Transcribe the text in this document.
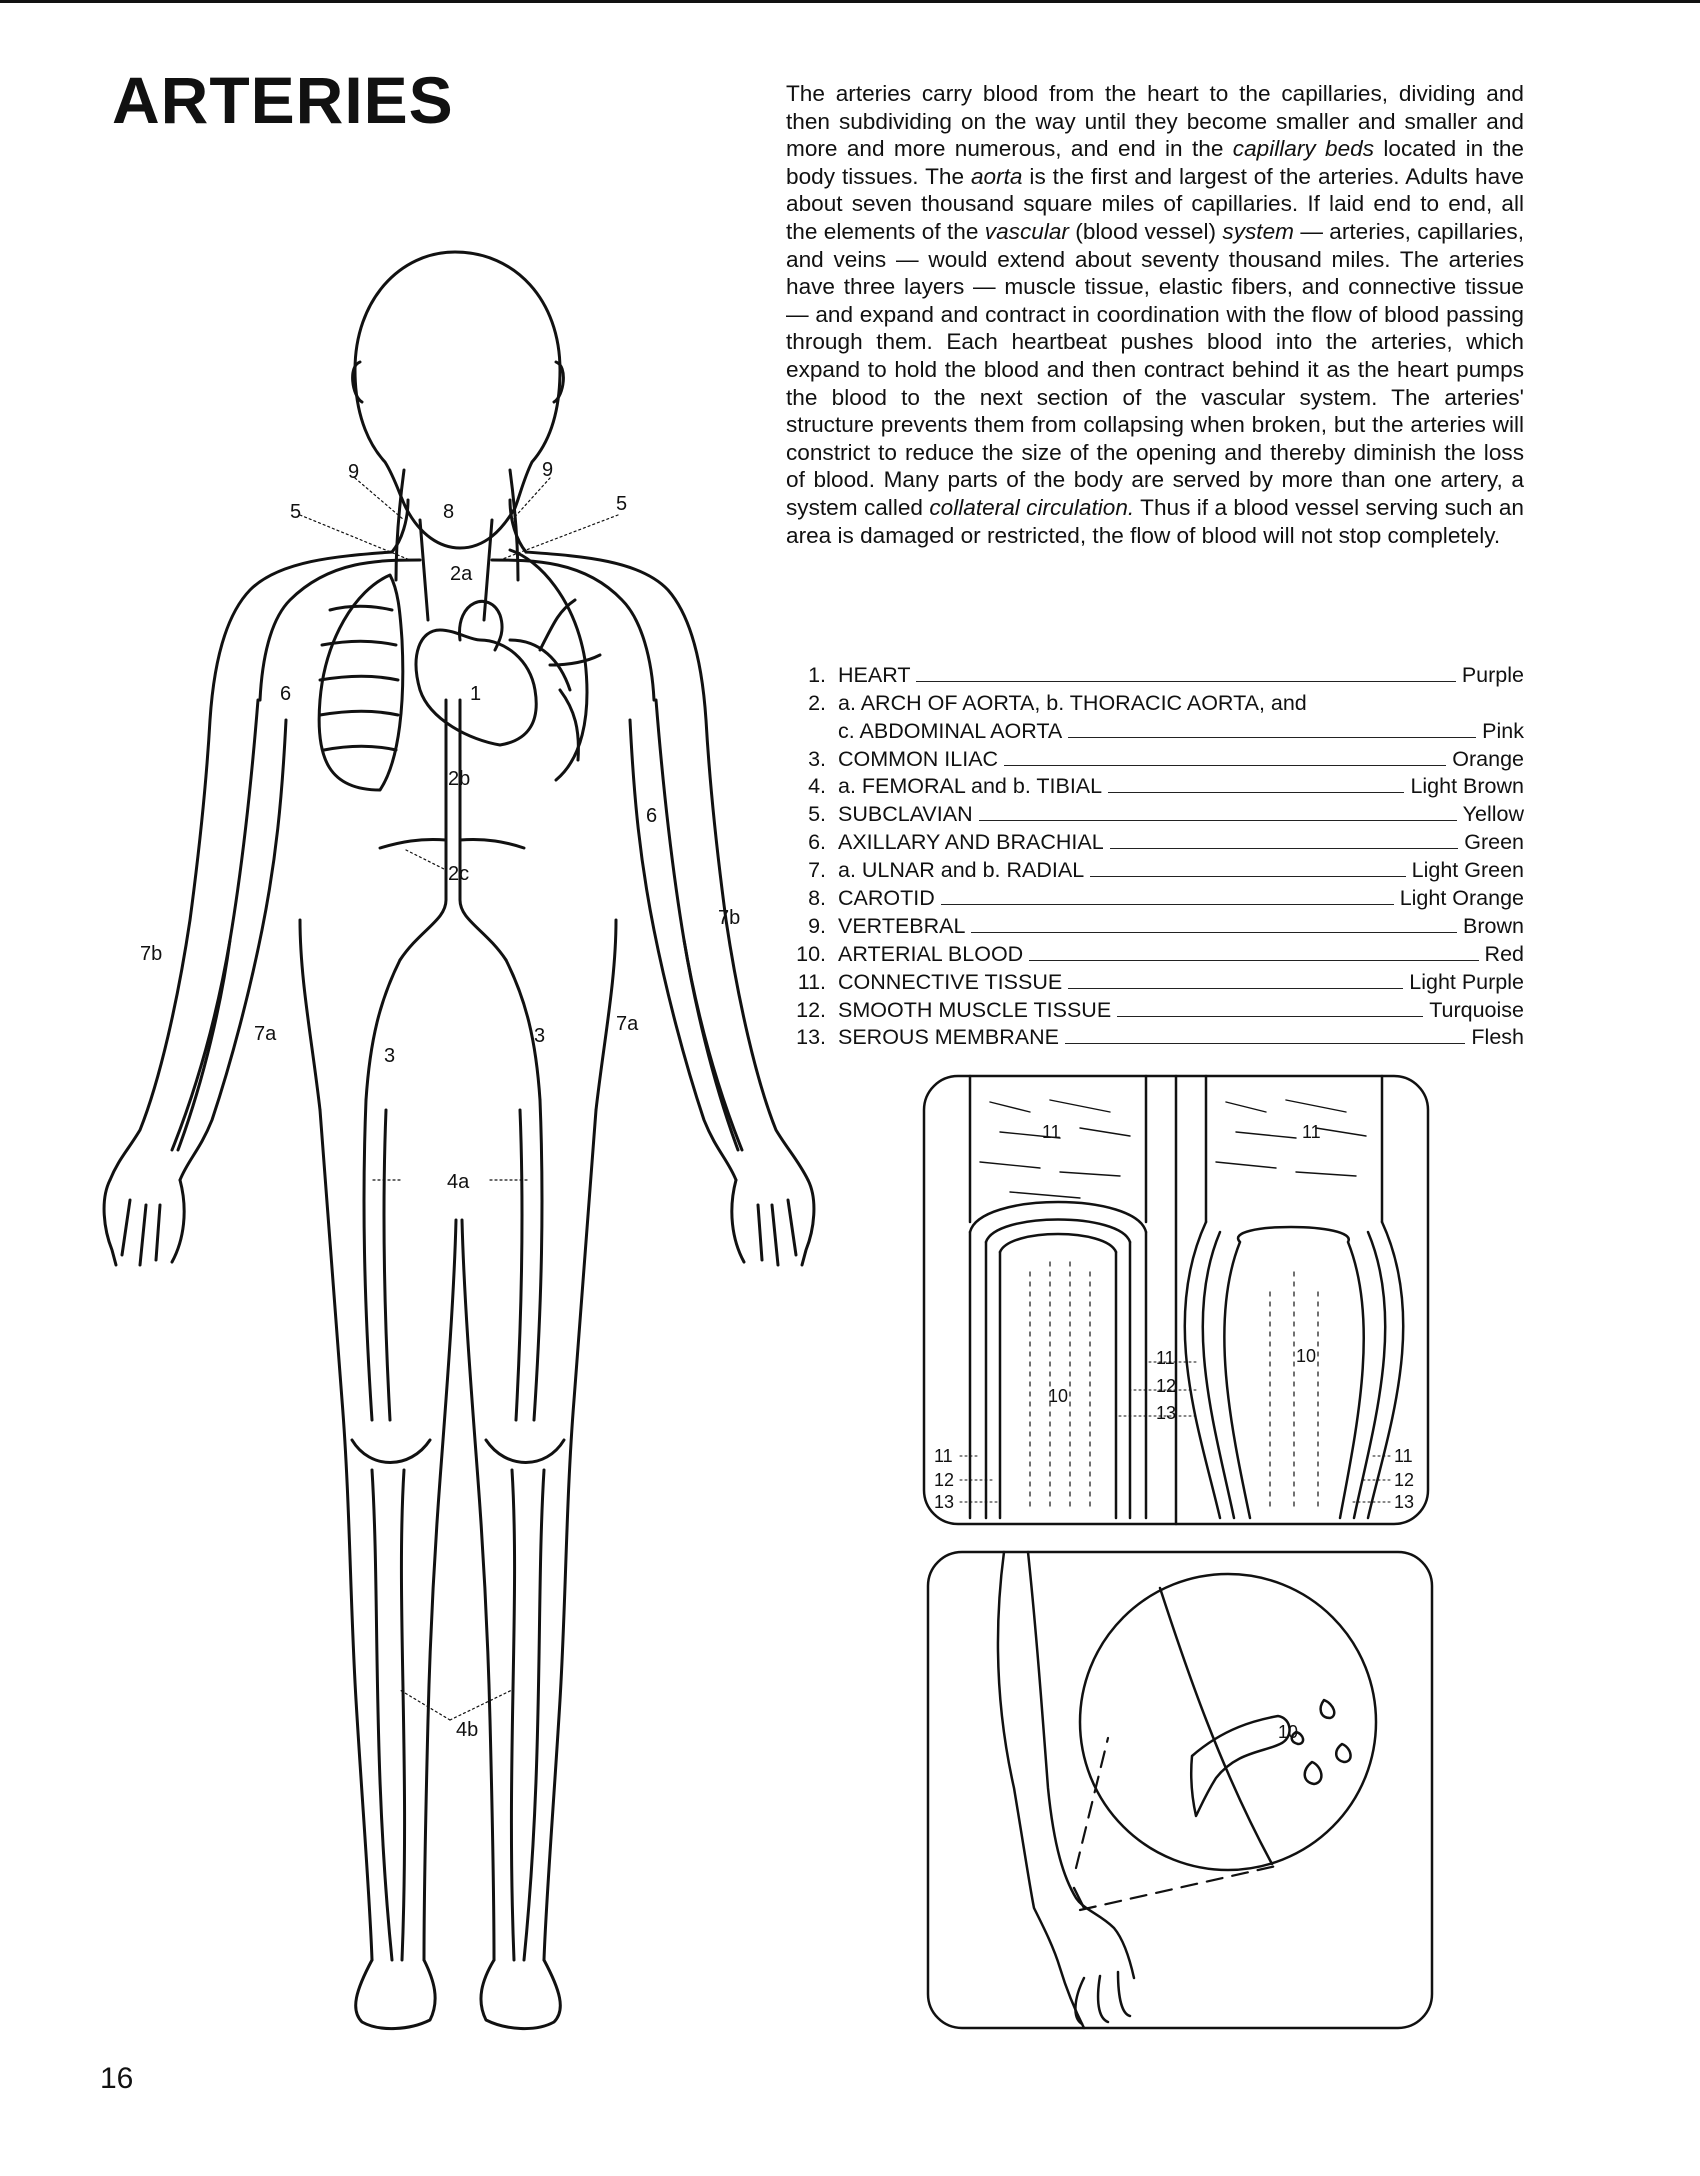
ARTERIES	The arteries carry blood from the heart to the capillaries, dividing and then subdividing on the way until they become smaller and smaller and more and more numerous, and end in the capillary beds located in the body tissues. The aorta is the first and largest of the arteries. Adults have about seven thousand square miles of capillaries. If laid end to end, all the elements of the vascular (blood vessel) system — arteries, capillaries, and veins — would extend about seventy thousand miles. The arteries have three layers — muscle tissue, elastic fibers, and connective tissue — and expand and contract in coordination with the flow of blood passing through them. Each heartbeat pushes blood into the arteries, which expand to hold the blood and then contract behind it as the heart pumps the blood to the next section of the vascular system. The arteries' structure prevents them from collapsing when broken, but the arteries will constrict to reduce the size of the opening and thereby diminish the loss of blood. Many parts of the body are served by more than one artery, a system called collateral circulation. Thus if a blood vessel serving such an area is damaged or restricted, the flow of blood will not stop completely.

1. HEART	Purple
2. a. ARCH OF AORTA, b. THORACIC AORTA, and
c. ABDOMINAL AORTA	Pink
3. COMMON ILIAC	Orange
4. a. FEMORAL and b. TIBIAL	Light Brown
5. SUBCLAVIAN	Yellow
6. AXILLARY AND BRACHIAL	Green
7. a. ULNAR and b. RADIAL	Light Green
8. CAROTID	Light Orange
9. VERTEBRAL	Brown
10. ARTERIAL BLOOD	Red
11. CONNECTIVE TISSUE	Light Purple
12. SMOOTH MUSCLE TISSUE	Turquoise
13. SEROUS MEMBRANE	Flesh
1
2a
2b
2c
3
3
4a
4b
5	5
6
6
7a	7a
7b
7b
8
9	9
11	11
10
10
11
12
13
11
12
13
11
12
13
10
16
